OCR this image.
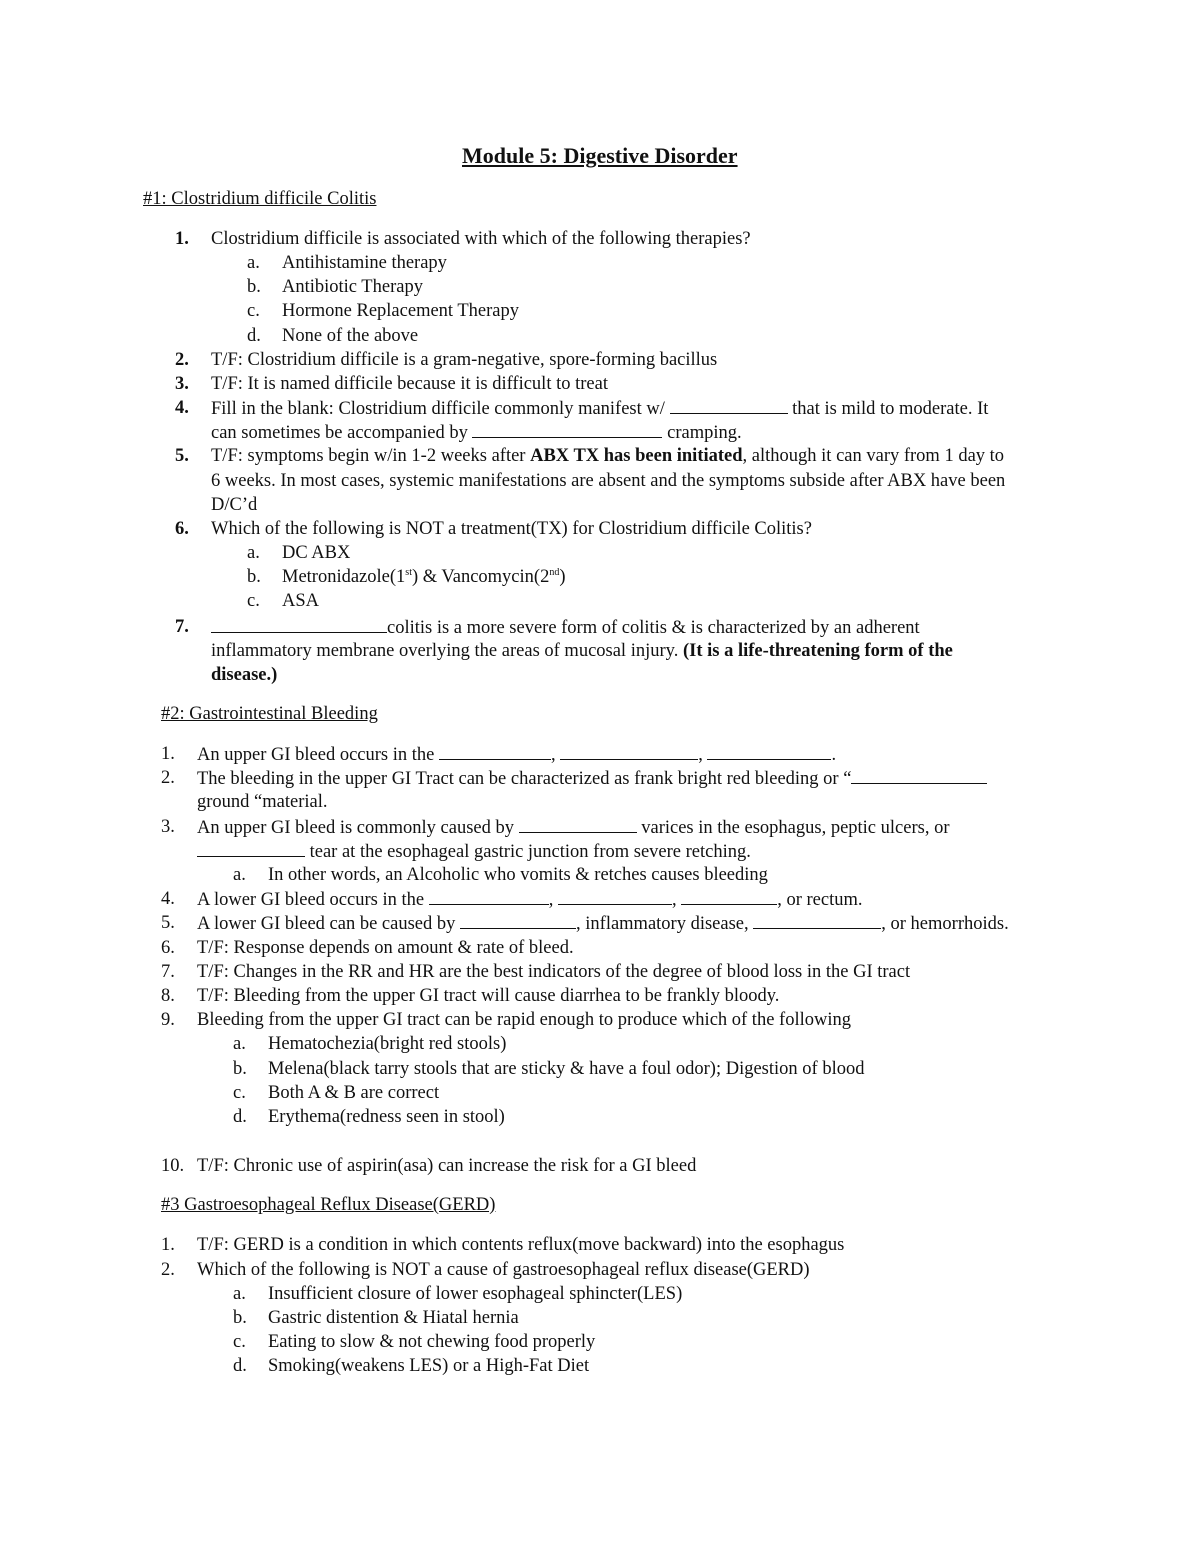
Module 5: Digestive Disorder
#1: Clostridium difficile Colitis
1. Clostridium difficile is associated with which of the following therapies?
a. Antihistamine therapy
b. Antibiotic Therapy
c. Hormone Replacement Therapy
d. None of the above
2. T/F: Clostridium difficile is a gram-negative, spore-forming bacillus
3. T/F: It is named difficile because it is difficult to treat
4. Fill in the blank: Clostridium difficile commonly manifest w/	that is mild to moderate. It
can sometimes be accompanied by	cramping.
5. T/F: symptoms begin w/in 1-2 weeks after ABX TX has been initiated, although it can vary from 1 day to
6 weeks. In most cases, systemic manifestations are absent and the symptoms subside after ABX have been
D/C’d
6. Which of the following is NOT a treatment(TX) for Clostridium difficile Colitis?
a. DC ABX
b. Metronidazole(1st) & Vancomycin(2nd)
c. ASA
7.	colitis is a more severe form of colitis & is characterized by an adherent
inflammatory membrane overlying the areas of mucosal injury. (It is a life-threatening form of the
disease.)
#2: Gastrointestinal Bleeding
1. An upper GI bleed occurs in the	,	,	.
2. The bleeding in the upper GI Tract can be characterized as frank bright red bleeding or “
ground “material.
3. An upper GI bleed is commonly caused by	varices in the esophagus, peptic ulcers, or
tear at the esophageal gastric junction from severe retching.
a. In other words, an Alcoholic who vomits & retches causes bleeding
4. A lower GI bleed occurs in the	,	,	, or rectum.
5. A lower GI bleed can be caused by	, inflammatory disease,	, or hemorrhoids.
6. T/F: Response depends on amount & rate of bleed.
7. T/F: Changes in the RR and HR are the best indicators of the degree of blood loss in the GI tract
8. T/F: Bleeding from the upper GI tract will cause diarrhea to be frankly bloody.
9. Bleeding from the upper GI tract can be rapid enough to produce which of the following
a. Hematochezia(bright red stools)
b. Melena(black tarry stools that are sticky & have a foul odor); Digestion of blood
c. Both A & B are correct
d. Erythema(redness seen in stool)
10. T/F: Chronic use of aspirin(asa) can increase the risk for a GI bleed
#3 Gastroesophageal Reflux Disease(GERD)
1. T/F: GERD is a condition in which contents reflux(move backward) into the esophagus
2. Which of the following is NOT a cause of gastroesophageal reflux disease(GERD)
a. Insufficient closure of lower esophageal sphincter(LES)
b. Gastric distention & Hiatal hernia
c. Eating to slow & not chewing food properly
d. Smoking(weakens LES) or a High-Fat Diet
